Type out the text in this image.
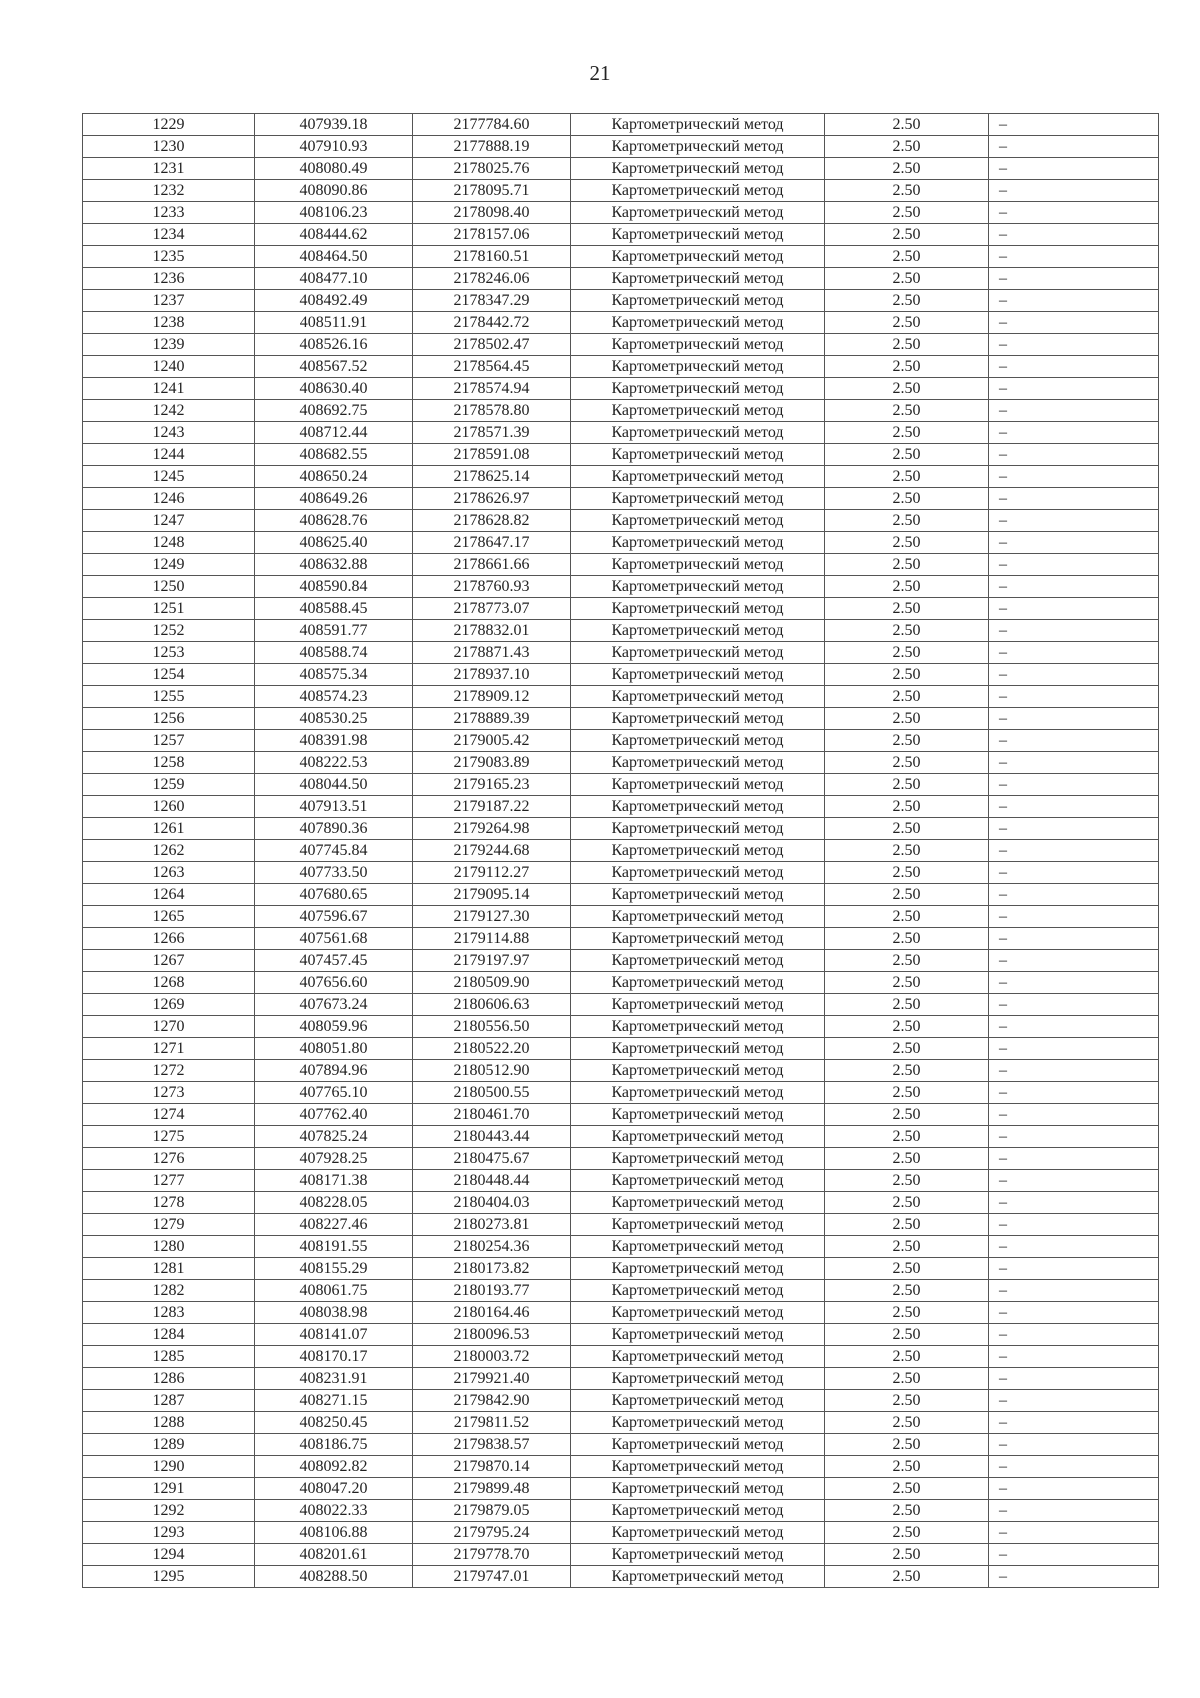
21
1229	407939.18	2177784.60	Картометрический метод	2.50	–
1230	407910.93	2177888.19	Картометрический метод	2.50	–
1231	408080.49	2178025.76	Картометрический метод	2.50	–
1232	408090.86	2178095.71	Картометрический метод	2.50	–
1233	408106.23	2178098.40	Картометрический метод	2.50	–
1234	408444.62	2178157.06	Картометрический метод	2.50	–
1235	408464.50	2178160.51	Картометрический метод	2.50	–
1236	408477.10	2178246.06	Картометрический метод	2.50	–
1237	408492.49	2178347.29	Картометрический метод	2.50	–
1238	408511.91	2178442.72	Картометрический метод	2.50	–
1239	408526.16	2178502.47	Картометрический метод	2.50	–
1240	408567.52	2178564.45	Картометрический метод	2.50	–
1241	408630.40	2178574.94	Картометрический метод	2.50	–
1242	408692.75	2178578.80	Картометрический метод	2.50	–
1243	408712.44	2178571.39	Картометрический метод	2.50	–
1244	408682.55	2178591.08	Картометрический метод	2.50	–
1245	408650.24	2178625.14	Картометрический метод	2.50	–
1246	408649.26	2178626.97	Картометрический метод	2.50	–
1247	408628.76	2178628.82	Картометрический метод	2.50	–
1248	408625.40	2178647.17	Картометрический метод	2.50	–
1249	408632.88	2178661.66	Картометрический метод	2.50	–
1250	408590.84	2178760.93	Картометрический метод	2.50	–
1251	408588.45	2178773.07	Картометрический метод	2.50	–
1252	408591.77	2178832.01	Картометрический метод	2.50	–
1253	408588.74	2178871.43	Картометрический метод	2.50	–
1254	408575.34	2178937.10	Картометрический метод	2.50	–
1255	408574.23	2178909.12	Картометрический метод	2.50	–
1256	408530.25	2178889.39	Картометрический метод	2.50	–
1257	408391.98	2179005.42	Картометрический метод	2.50	–
1258	408222.53	2179083.89	Картометрический метод	2.50	–
1259	408044.50	2179165.23	Картометрический метод	2.50	–
1260	407913.51	2179187.22	Картометрический метод	2.50	–
1261	407890.36	2179264.98	Картометрический метод	2.50	–
1262	407745.84	2179244.68	Картометрический метод	2.50	–
1263	407733.50	2179112.27	Картометрический метод	2.50	–
1264	407680.65	2179095.14	Картометрический метод	2.50	–
1265	407596.67	2179127.30	Картометрический метод	2.50	–
1266	407561.68	2179114.88	Картометрический метод	2.50	–
1267	407457.45	2179197.97	Картометрический метод	2.50	–
1268	407656.60	2180509.90	Картометрический метод	2.50	–
1269	407673.24	2180606.63	Картометрический метод	2.50	–
1270	408059.96	2180556.50	Картометрический метод	2.50	–
1271	408051.80	2180522.20	Картометрический метод	2.50	–
1272	407894.96	2180512.90	Картометрический метод	2.50	–
1273	407765.10	2180500.55	Картометрический метод	2.50	–
1274	407762.40	2180461.70	Картометрический метод	2.50	–
1275	407825.24	2180443.44	Картометрический метод	2.50	–
1276	407928.25	2180475.67	Картометрический метод	2.50	–
1277	408171.38	2180448.44	Картометрический метод	2.50	–
1278	408228.05	2180404.03	Картометрический метод	2.50	–
1279	408227.46	2180273.81	Картометрический метод	2.50	–
1280	408191.55	2180254.36	Картометрический метод	2.50	–
1281	408155.29	2180173.82	Картометрический метод	2.50	–
1282	408061.75	2180193.77	Картометрический метод	2.50	–
1283	408038.98	2180164.46	Картометрический метод	2.50	–
1284	408141.07	2180096.53	Картометрический метод	2.50	–
1285	408170.17	2180003.72	Картометрический метод	2.50	–
1286	408231.91	2179921.40	Картометрический метод	2.50	–
1287	408271.15	2179842.90	Картометрический метод	2.50	–
1288	408250.45	2179811.52	Картометрический метод	2.50	–
1289	408186.75	2179838.57	Картометрический метод	2.50	–
1290	408092.82	2179870.14	Картометрический метод	2.50	–
1291	408047.20	2179899.48	Картометрический метод	2.50	–
1292	408022.33	2179879.05	Картометрический метод	2.50	–
1293	408106.88	2179795.24	Картометрический метод	2.50	–
1294	408201.61	2179778.70	Картометрический метод	2.50	–
1295	408288.50	2179747.01	Картометрический метод	2.50	–
